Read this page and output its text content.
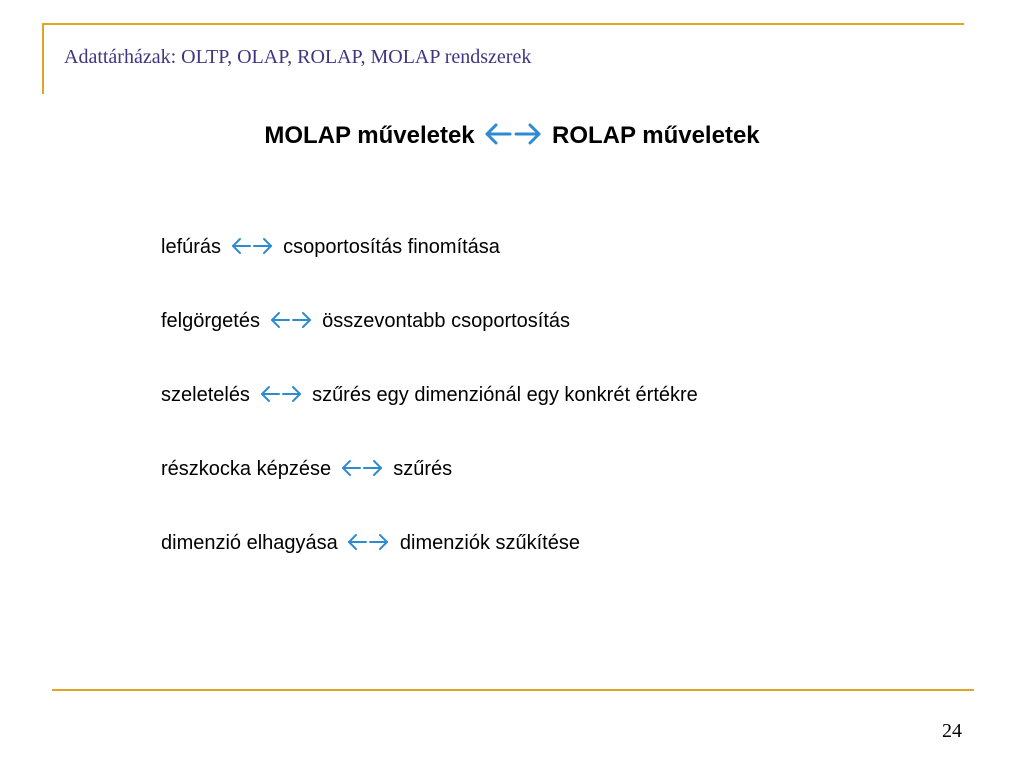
Adattárházak: OLTP, OLAP, ROLAP, MOLAP rendszerek
MOLAP műveletek	ROLAP műveletek
lefúrás	csoportosítás finomítása
felgörgetés	összevontabb csoportosítás
szeletelés	szűrés egy dimenziónál egy konkrét értékre
részkocka képzése	szűrés
dimenzió elhagyása	dimenziók szűkítése
24
